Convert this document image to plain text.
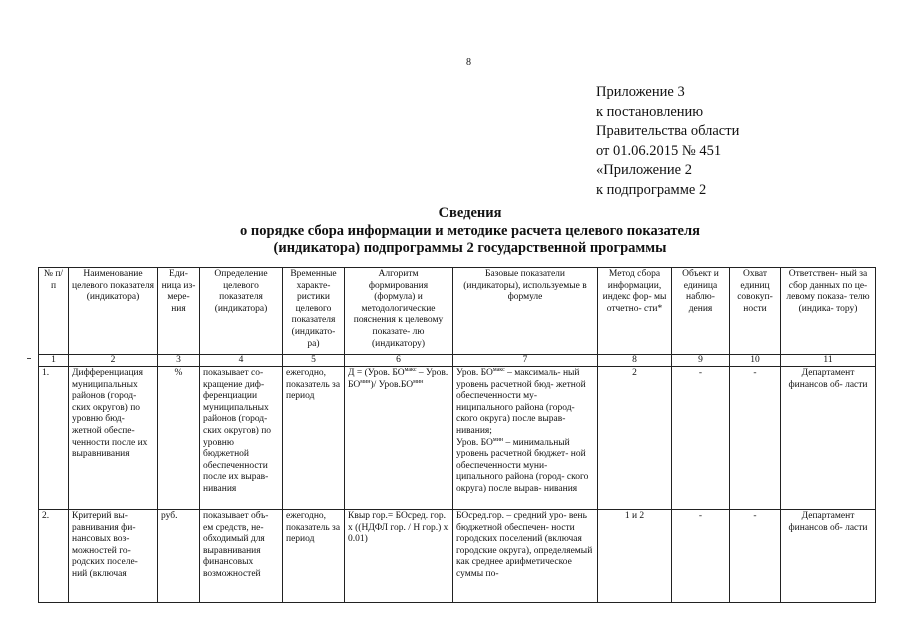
8
Приложение 3
к постановлению
Правительства области
от 01.06.2015 № 451
«Приложение 2
к подпрограмме 2
Сведения
о порядке сбора информации и методике расчета целевого показателя
(индикатора) подпрограммы 2 государственной программы
№ п/п	Наименование целевого показателя (индикатора)	Еди- ница из- мере- ния	Определение целевого показателя (индикатора)	Временные характе- ристики целевого показателя (индикато- ра)	Алгоритм формирования (формула) и методологические пояснения к целевому показате- лю (индикатору)	Базовые показатели (индикаторы), используемые в формуле	Метод сбора информации, индекс фор- мы отчетно- сти*	Объект и единица наблю- дения	Охват единиц совокуп- ности	Ответствен- ный за сбор данных по це- левому показа- телю (индика- тору)
1	2	3	4	5	6	7	8	9	10	11
1.	Дифференциация муниципальных районов (город- ских округов) по уровню бюд- жетной обеспе- ченности после их выравнивания	%	показывает со- кращение диф- ференциации муниципальных районов (город- ских округов) по уровню бюджетной обеспеченности после их вырав- нивания	ежегодно, показатель за период	Д = (Уров. $БО^{макс}$ – Уров. $БО^{мин})/$ $Уров.БО^{мин}$	Уров. $БО^{макс}$ – максималь- ный уровень расчетной бюд- жетной обеспеченности му- ниципального района (город- ского округа) после вырав- нивания;
Уров. $БО^{мин}$ – минимальный уровень расчетной бюджет- ной обеспеченности муни- ципального района (город- ского округа) после вырав- нивания	2	-	-	Департамент финансов об- ласти
2.	Критерий вы- равнивания фи- нансовых воз- можностей го- родских поселе- ний (включая	руб.	показывает объ- ем средств, не- обходимый для выравнивания финансовых возможностей	ежегодно, показатель за период	Квыр гор.= БОсред. гор. х ((НДФЛ гор. / Н гор.) х 0.01)	БОсред.гор. – средний уро- вень бюджетной обеспечен- ности городских поселений (включая городские округа), определяемый как среднее арифметическое суммы по-	1 и 2	-	-	Департамент финансов об- ласти
